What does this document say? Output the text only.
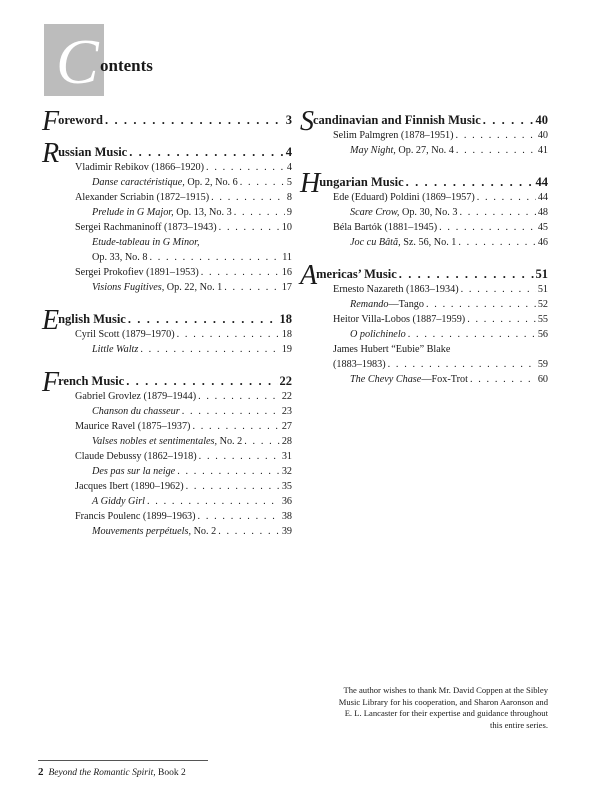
C ontents
F oreword . . .	3
R ussian Music . . .	4
Vladimir Rebikov (1866–1920) . . .	4
Danse caractéristique, Op. 2, No. 6 . . .	5
Alexander Scriabin (1872–1915) . . .	8
Prelude in G Major, Op. 13, No. 3 . . .	9
Sergei Rachmaninoff (1873–1943) . . .	10
Etude-tableau in G Minor,
Op. 33, No. 8 . . .	11
Sergei Prokofiev (1891–1953) . . .	16
Visions Fugitives, Op. 22, No. 1 . . .	17
E nglish Music . . .	18
Cyril Scott (1879–1970) . . .	18
Little Waltz . . .	19
F rench Music . . .	22
Gabriel Grovlez (1879–1944) . . .	22
Chanson du chasseur . . .	23
Maurice Ravel (1875–1937) . . .	27
Valses nobles et sentimentales, No. 2 . . .	28
Claude Debussy (1862–1918) . . .	31
Des pas sur la neige . . .	32
Jacques Ibert (1890–1962) . . .	35
A Giddy Girl . . .	36
Francis Poulenc (1899–1963) . . .	38
Mouvements perpétuels, No. 2 . . .	39
S candinavian and Finnish Music . . .	40
Selim Palmgren (1878–1951) . . .	40
May Night, Op. 27, No. 4 . . .	41
H ungarian Music . . .	44
Ede (Eduard) Poldini (1869–1957) . . .	44
Scare Crow, Op. 30, No. 3 . . .	48
Béla Bartók (1881–1945) . . .	45
Joc cu Bâtă, Sz. 56, No. 1 . . .	46
A mericas’ Music . . .	51
Ernesto Nazareth (1863–1934) . . .	51
Remando—Tango . . .	52
Heitor Villa-Lobos (1887–1959) . . .	55
O polichinelo . . .	56
James Hubert “Eubie” Blake
(1883–1983) . . .	59
The Chevy Chase—Fox-Trot . . .	60
The author wishes to thank Mr. David Coppen at the Sibley Music Library for his cooperation, and Sharon Aaronson and E. L. Lancaster for their expertise and guidance throughout this entire series.
2 Beyond the Romantic Spirit, Book 2
